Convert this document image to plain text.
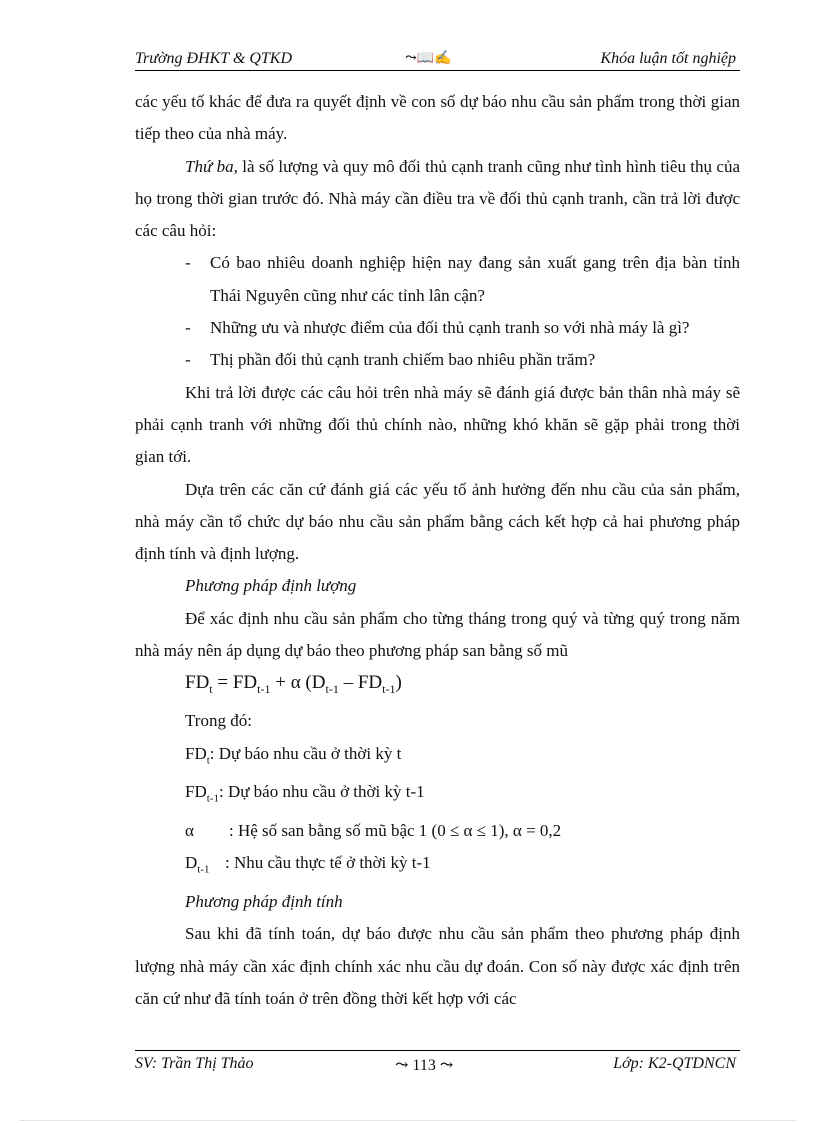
Trường ĐHKT & QTKD	⤳📖✍	Khóa luận tốt nghiệp

các yếu tố khác để đưa ra quyết định về con số dự báo nhu cầu sản phẩm trong thời gian tiếp theo của nhà máy.

Thứ ba, là số lượng và quy mô đối thủ cạnh tranh cũng như tình hình tiêu thụ của họ trong thời gian trước đó. Nhà máy cần điều tra về đối thủ cạnh tranh, cần trả lời được các câu hỏi:

- Có bao nhiêu doanh nghiệp hiện nay đang sản xuất gang trên địa bàn tỉnh Thái Nguyên cũng như các tỉnh lân cận?

- Những ưu và nhược điểm của đối thủ cạnh tranh so với nhà máy là gì?

- Thị phần đối thủ cạnh tranh chiếm bao nhiêu phần trăm?

Khi trả lời được các câu hỏi trên nhà máy sẽ đánh giá được bản thân nhà máy sẽ phải cạnh tranh với những đối thủ chính nào, những khó khăn sẽ gặp phải trong thời gian tới.

Dựa trên các căn cứ đánh giá các yếu tố ảnh hưởng đến nhu cầu của sản phẩm, nhà máy cần tổ chức dự báo nhu cầu sản phẩm bằng cách kết hợp cả hai phương pháp định tính và định lượng.

Phương pháp định lượng

Để xác định nhu cầu sản phẩm cho từng tháng trong quý và từng quý trong năm nhà máy nên áp dụng dự báo theo phương pháp san bằng số mũ

$FD_t = FD_{t-1} + \alpha$ $(D_{t-1} - FD_{t-1})$

Trong đó:

$FD_t$: Dự báo nhu cầu ở thời kỳ t

$FD_{t-1}$: Dự báo nhu cầu ở thời kỳ t-1

α : Hệ số san bằng số mũ bậc 1 (0 ≤ α ≤ 1), α = 0,2

$D_{t-1}$ : Nhu cầu thực tế ở thời kỳ t-1

Phương pháp định tính

Sau khi đã tính toán, dự báo được nhu cầu sản phẩm theo phương pháp định lượng nhà máy cần xác định chính xác nhu cầu dự đoán. Con số này được xác định trên căn cứ như đã tính toán ở trên đồng thời kết hợp với các

SV: Trần Thị Thảo	⤳ 113 ⤳	Lớp: K2-QTDNCN
